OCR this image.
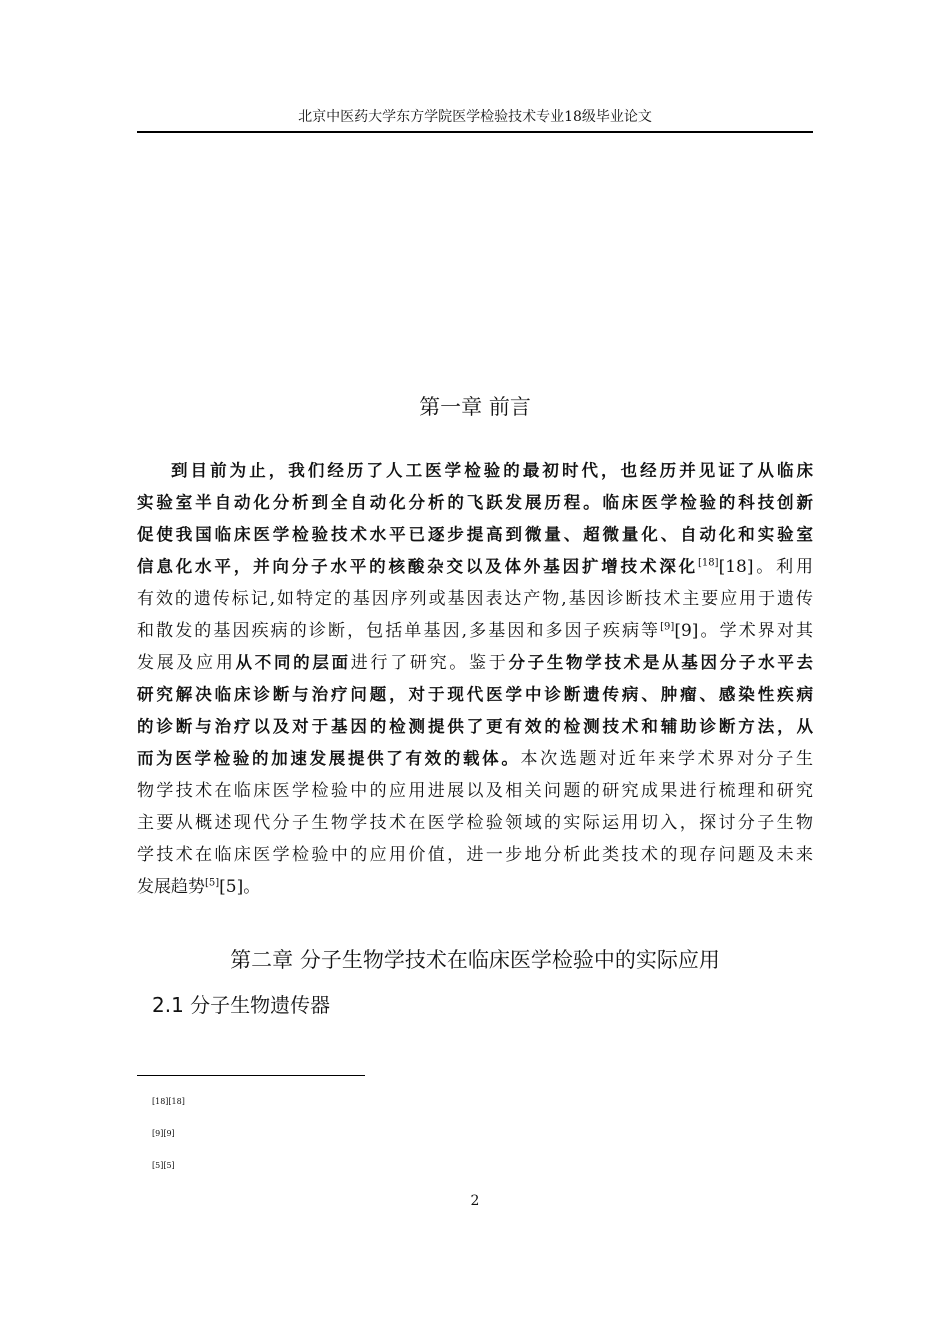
北京中医药大学东方学院医学检验技术专业18级毕业论文
第一章 前言
到目前为止，我们经历了人工医学检验的最初时代，也经历并见证了从临床
实验室半自动化分析到全自动化分析的飞跃发展历程。临床医学检验的科技创新
促使我国临床医学检验技术水平已逐步提高到微量、超微量化、自动化和实验室
信息化水平，并向分子水平的核酸杂交以及体外基因扩增技术深化[18][18]。利用
有效的遗传标记,如特定的基因序列或基因表达产物,基因诊断技术主要应用于遗传
和散发的基因疾病的诊断，包括单基因,多基因和多因子疾病等[9][9]。学术界对其
发展及应用从不同的层面进行了研究。鉴于分子生物学技术是从基因分子水平去
研究解决临床诊断与治疗问题，对于现代医学中诊断遗传病、肿瘤、感染性疾病
的诊断与治疗以及对于基因的检测提供了更有效的检测技术和辅助诊断方法，从
而为医学检验的加速发展提供了有效的载体。本次选题对近年来学术界对分子生
物学技术在临床医学检验中的应用进展以及相关问题的研究成果进行梳理和研究
主要从概述现代分子生物学技术在医学检验领域的实际运用切入，探讨分子生物
学技术在临床医学检验中的应用价值，进一步地分析此类技术的现存问题及未来
发展趋势[5][5]。
第二章 分子生物学技术在临床医学检验中的实际应用
2.1 分子生物遗传器
[18][18]
[9][9]
[5][5]
2
